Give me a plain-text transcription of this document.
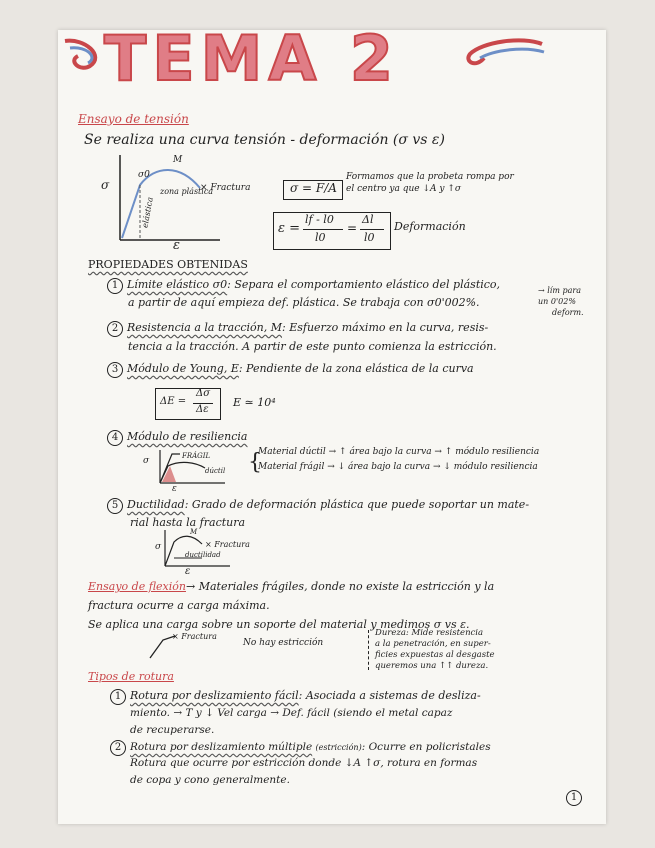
TEMA 2
Ensayo de tensión
Se realiza una curva tensión - deformación (σ vs ε)
σ
ε
M
σ0
zona plástica
elástica
× Fractura	σ = F/A
Formamos que la probeta rompa por
el centro ya que ↓A y ↑σ
ε =
lf - l0
l0
=
Δl
l0
Deformación
PROPIEDADES OBTENIDAS
1 Límite elástico σ0: Separa el comportamiento elástico del plástico,
a partir de aquí empieza def. plástica. Se trabaja con σ0'002%.
→ lím para
un 0'02%
deform.
2 Resistencia a la tracción, M: Esfuerzo máximo en la curva, resis-
tencia a la tracción. A partir de este punto comienza la estricción.
3 Módulo de Young, E: Pendiente de la zona elástica de la curva
ΔE =
Δσ
Δε
E ≃ 10⁴
4 Módulo de resiliencia
σ	FRÁGIL
dúctil
ε
{
Material dúctil → ↑ área bajo la curva → ↑ módulo resiliencia
Material frágil → ↓ área bajo la curva → ↓ módulo resiliencia
5 Ductilidad: Grado de deformación plástica que puede soportar un mate-
rial hasta la fractura
σ
M
× Fractura
ductilidad
ε
Ensayo de flexión→ Materiales frágiles, donde no existe la estricción y la
fractura ocurre a carga máxima.
Se aplica una carga sobre un soporte del material y medimos σ vs ε.
× Fractura
No hay estricción
Dureza: Mide resistencia
a la penetración, en super-
ficies expuestas al desgaste
queremos una ↑↑ dureza.
Tipos de rotura
1 Rotura por deslizamiento fácil: Asociada a sistemas de desliza-
miento. → T y ↓ Vel carga → Def. fácil (siendo el metal capaz
de recuperarse.
2 Rotura por deslizamiento múltiple (estricción): Ocurre en policristales
Rotura que ocurre por estricción donde ↓A ↑σ, rotura en formas
de copa y cono generalmente.
1
